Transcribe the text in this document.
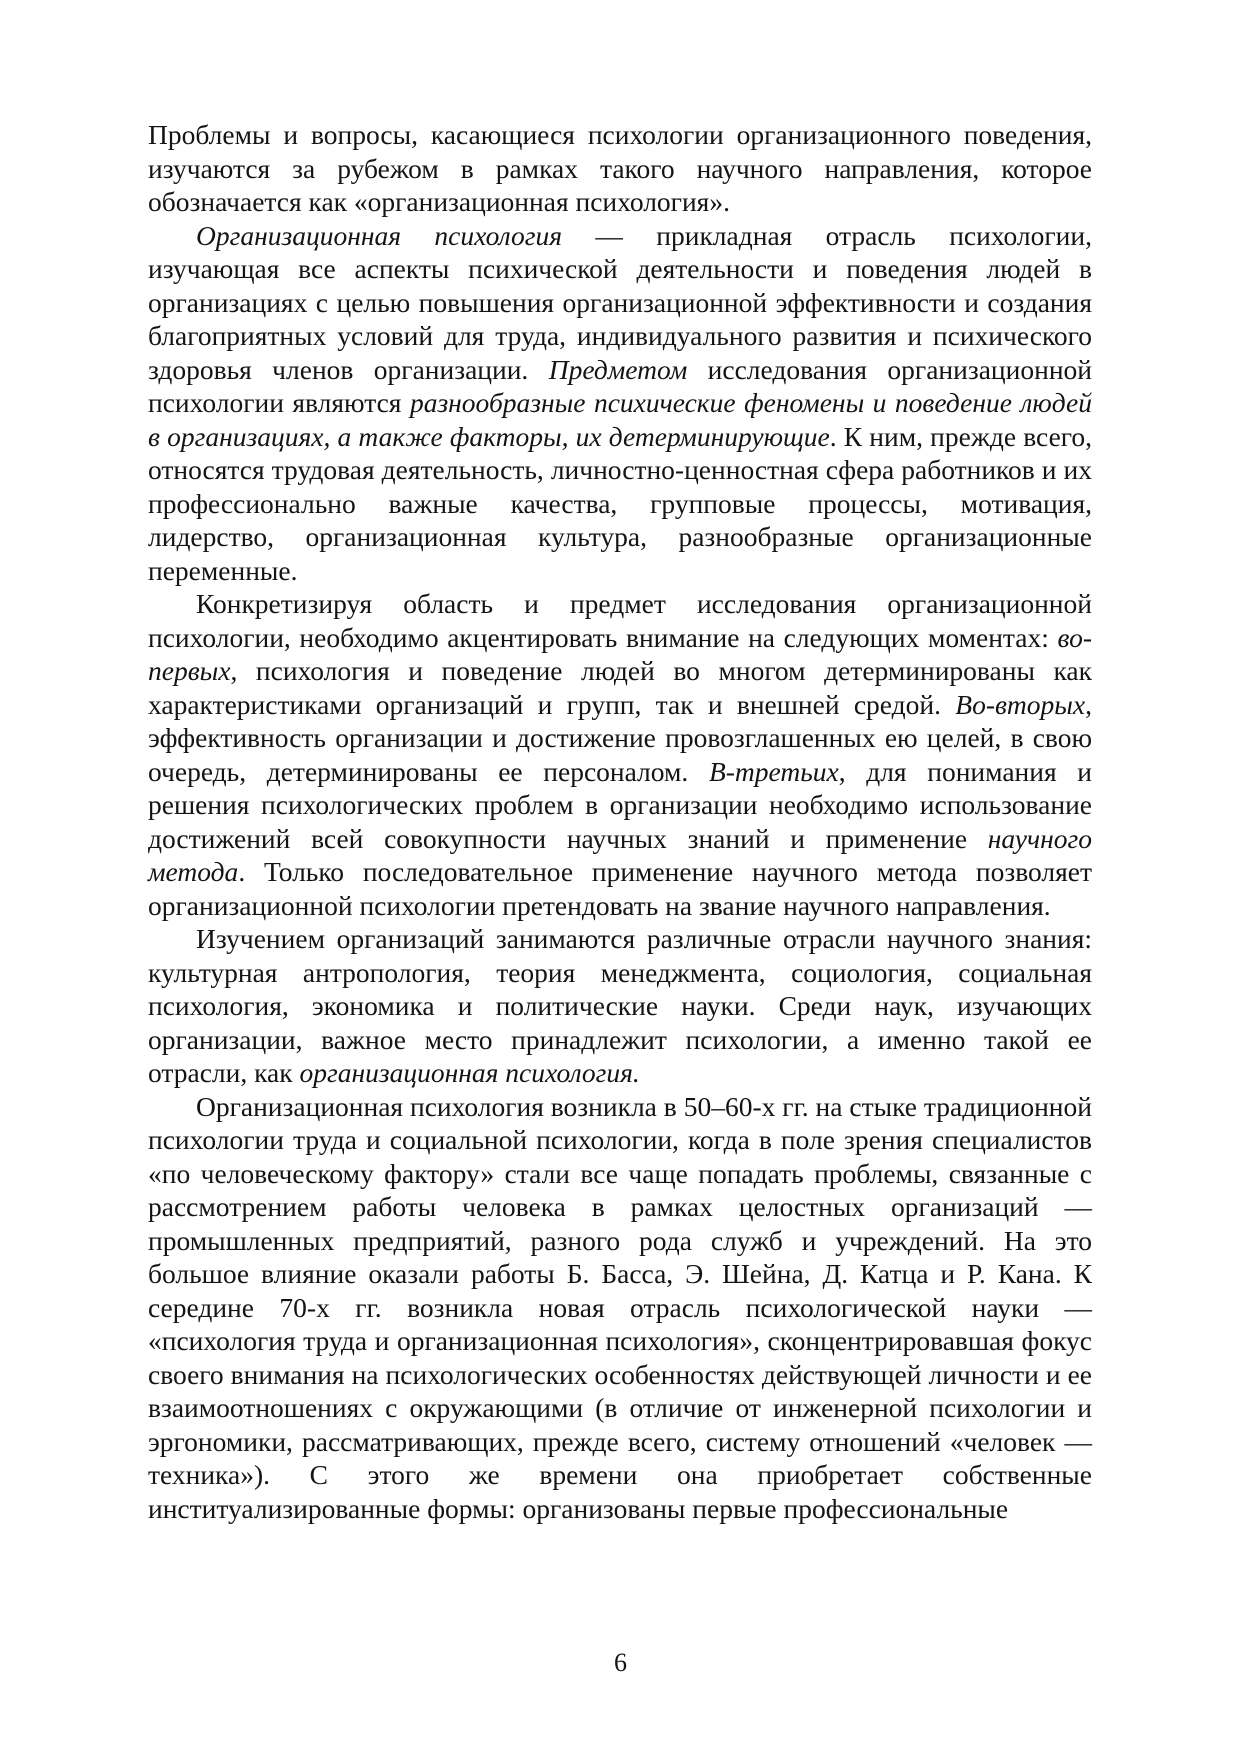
Проблемы и вопросы, касающиеся психологии организационного поведения, изучаются за рубежом в рамках такого научного направления, которое обозначается как «организационная психология».

Организационная психология — прикладная отрасль психологии, изучающая все аспекты психической деятельности и поведения людей в организациях с целью повышения организационной эффективности и создания благоприятных условий для труда, индивидуального развития и психического здоровья членов организации. Предметом исследования организационной психологии являются разнообразные психические феномены и поведение людей в организациях, а также факторы, их детерминирующие. К ним, прежде всего, относятся трудовая деятельность, личностно-ценностная сфера работников и их профессионально важные качества, групповые процессы, мотивация, лидерство, организационная культура, разнообразные организационные переменные.

Конкретизируя область и предмет исследования организационной психологии, необходимо акцентировать внимание на следующих моментах: во-первых, психология и поведение людей во многом детерминированы как характеристиками организаций и групп, так и внешней средой. Во-вторых, эффективность организации и достижение провозглашенных ею целей, в свою очередь, детерминированы ее персоналом. В-третьих, для понимания и решения психологических проблем в организации необходимо использование достижений всей совокупности научных знаний и применение научного метода. Только последовательное применение научного метода позволяет организационной психологии претендовать на звание научного направления.

Изучением организаций занимаются различные отрасли научного знания: культурная антропология, теория менеджмента, социология, социальная психология, экономика и политические науки. Среди наук, изучающих организации, важное место принадлежит психологии, а именно такой ее отрасли, как организационная психология.

Организационная психология возникла в 50–60-х гг. на стыке традиционной психологии труда и социальной психологии, когда в поле зрения специалистов «по человеческому фактору» стали все чаще попадать проблемы, связанные с рассмотрением работы человека в рамках целостных организаций — промышленных предприятий, разного рода служб и учреждений. На это большое влияние оказали работы Б. Басса, Э. Шейна, Д. Катца и Р. Кана. К середине 70-х гг. возникла новая отрасль психологической науки — «психология труда и организационная психология», сконцентрировавшая фокус своего внимания на психологических особенностях действующей личности и ее взаимоотношениях с окружающими (в отличие от инженерной психологии и эргономики, рассматривающих, прежде всего, систему отношений «человек — техника»). С этого же времени она приобретает собственные институализированные формы: организованы первые профессиональные

6
